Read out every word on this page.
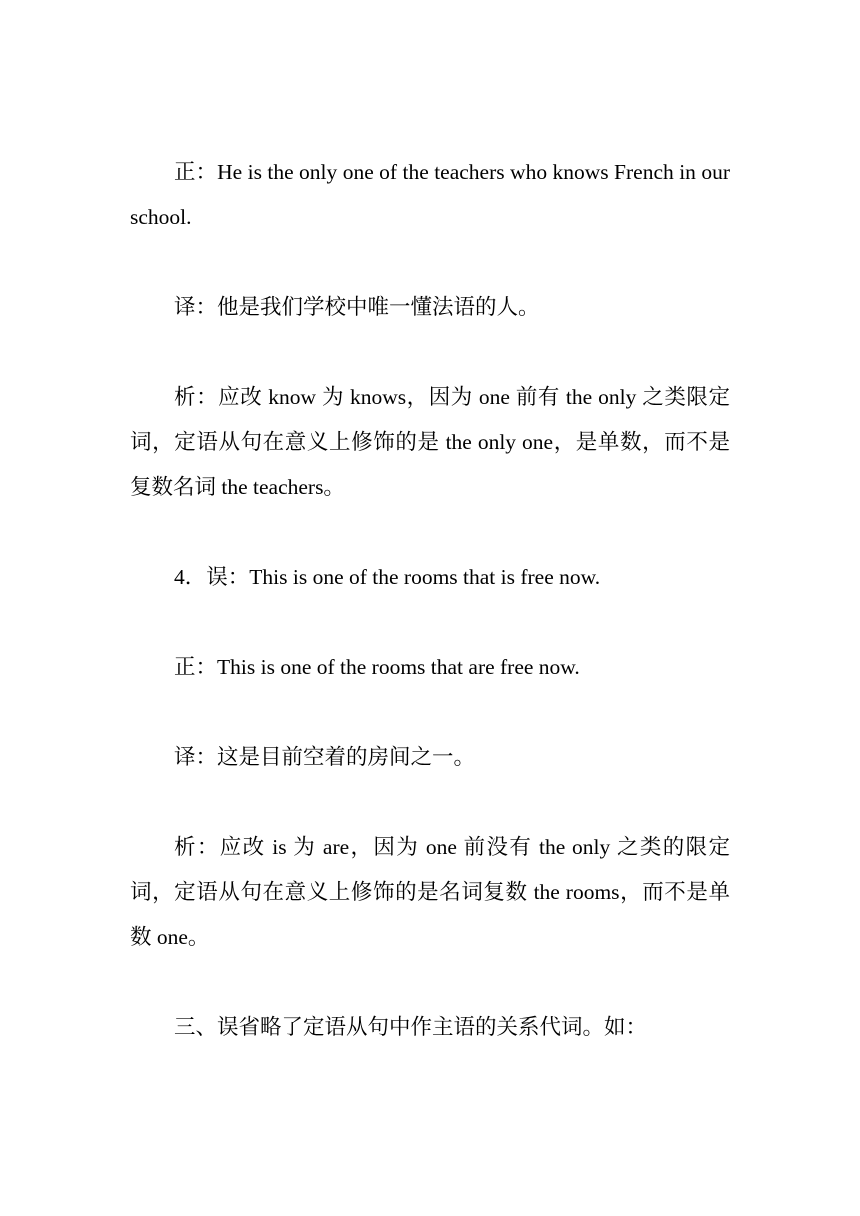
正：He is the only one of the teachers who knows French in our school.

译：他是我们学校中唯一懂法语的人。

析：应改 know 为 knows，因为 one 前有 the only 之类限定词，定语从句在意义上修饰的是 the only one，是单数，而不是复数名词 the teachers。

4．误：This is one of the rooms that is free now.

正：This is one of the rooms that are free now.

译：这是目前空着的房间之一。

析：应改 is 为 are，因为 one 前没有 the only 之类的限定词，定语从句在意义上修饰的是名词复数 the rooms，而不是单数 one。

三、误省略了定语从句中作主语的关系代词。如：
